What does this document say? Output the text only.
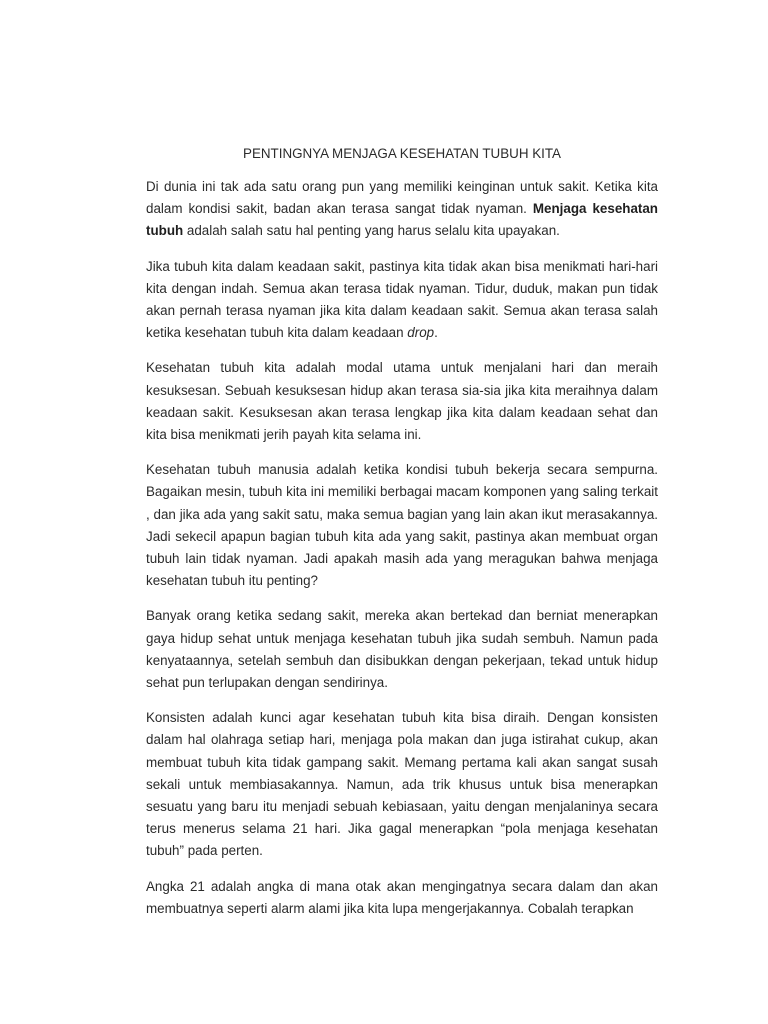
PENTINGNYA MENJAGA KESEHATAN TUBUH KITA

Di dunia ini tak ada satu orang pun yang memiliki keinginan untuk sakit. Ketika kita dalam kondisi sakit, badan akan terasa sangat tidak nyaman. Menjaga kesehatan tubuh adalah salah satu hal penting yang harus selalu kita upayakan.

Jika tubuh kita dalam keadaan sakit, pastinya kita tidak akan bisa menikmati hari-hari kita dengan indah. Semua akan terasa tidak nyaman. Tidur, duduk, makan pun tidak akan pernah terasa nyaman jika kita dalam keadaan sakit. Semua akan terasa salah ketika kesehatan tubuh kita dalam keadaan drop.

Kesehatan tubuh kita adalah modal utama untuk menjalani hari dan meraih kesuksesan. Sebuah kesuksesan hidup akan terasa sia-sia jika kita meraihnya dalam keadaan sakit. Kesuksesan akan terasa lengkap jika kita dalam keadaan sehat dan kita bisa menikmati jerih payah kita selama ini.

Kesehatan tubuh manusia adalah ketika kondisi tubuh bekerja secara sempurna. Bagaikan mesin, tubuh kita ini memiliki berbagai macam komponen yang saling terkait , dan jika ada yang sakit satu, maka semua bagian yang lain akan ikut merasakannya. Jadi sekecil apapun bagian tubuh kita ada yang sakit, pastinya akan membuat organ tubuh lain tidak nyaman. Jadi apakah masih ada yang meragukan bahwa menjaga kesehatan tubuh itu penting?

Banyak orang ketika sedang sakit, mereka akan bertekad dan berniat menerapkan gaya hidup sehat untuk menjaga kesehatan tubuh jika sudah sembuh. Namun pada kenyataannya, setelah sembuh dan disibukkan dengan pekerjaan, tekad untuk hidup sehat pun terlupakan dengan sendirinya.

Konsisten adalah kunci agar kesehatan tubuh kita bisa diraih. Dengan konsisten dalam hal olahraga setiap hari, menjaga pola makan dan juga istirahat cukup, akan membuat tubuh kita tidak gampang sakit. Memang pertama kali akan sangat susah sekali untuk membiasakannya. Namun, ada trik khusus untuk bisa menerapkan sesuatu yang baru itu menjadi sebuah kebiasaan, yaitu dengan menjalaninya secara terus menerus selama 21 hari. Jika gagal menerapkan “pola menjaga kesehatan tubuh” pada perten.

Angka 21 adalah angka di mana otak akan mengingatnya secara dalam dan akan membuatnya seperti alarm alami jika kita lupa mengerjakannya. Cobalah terapkan
